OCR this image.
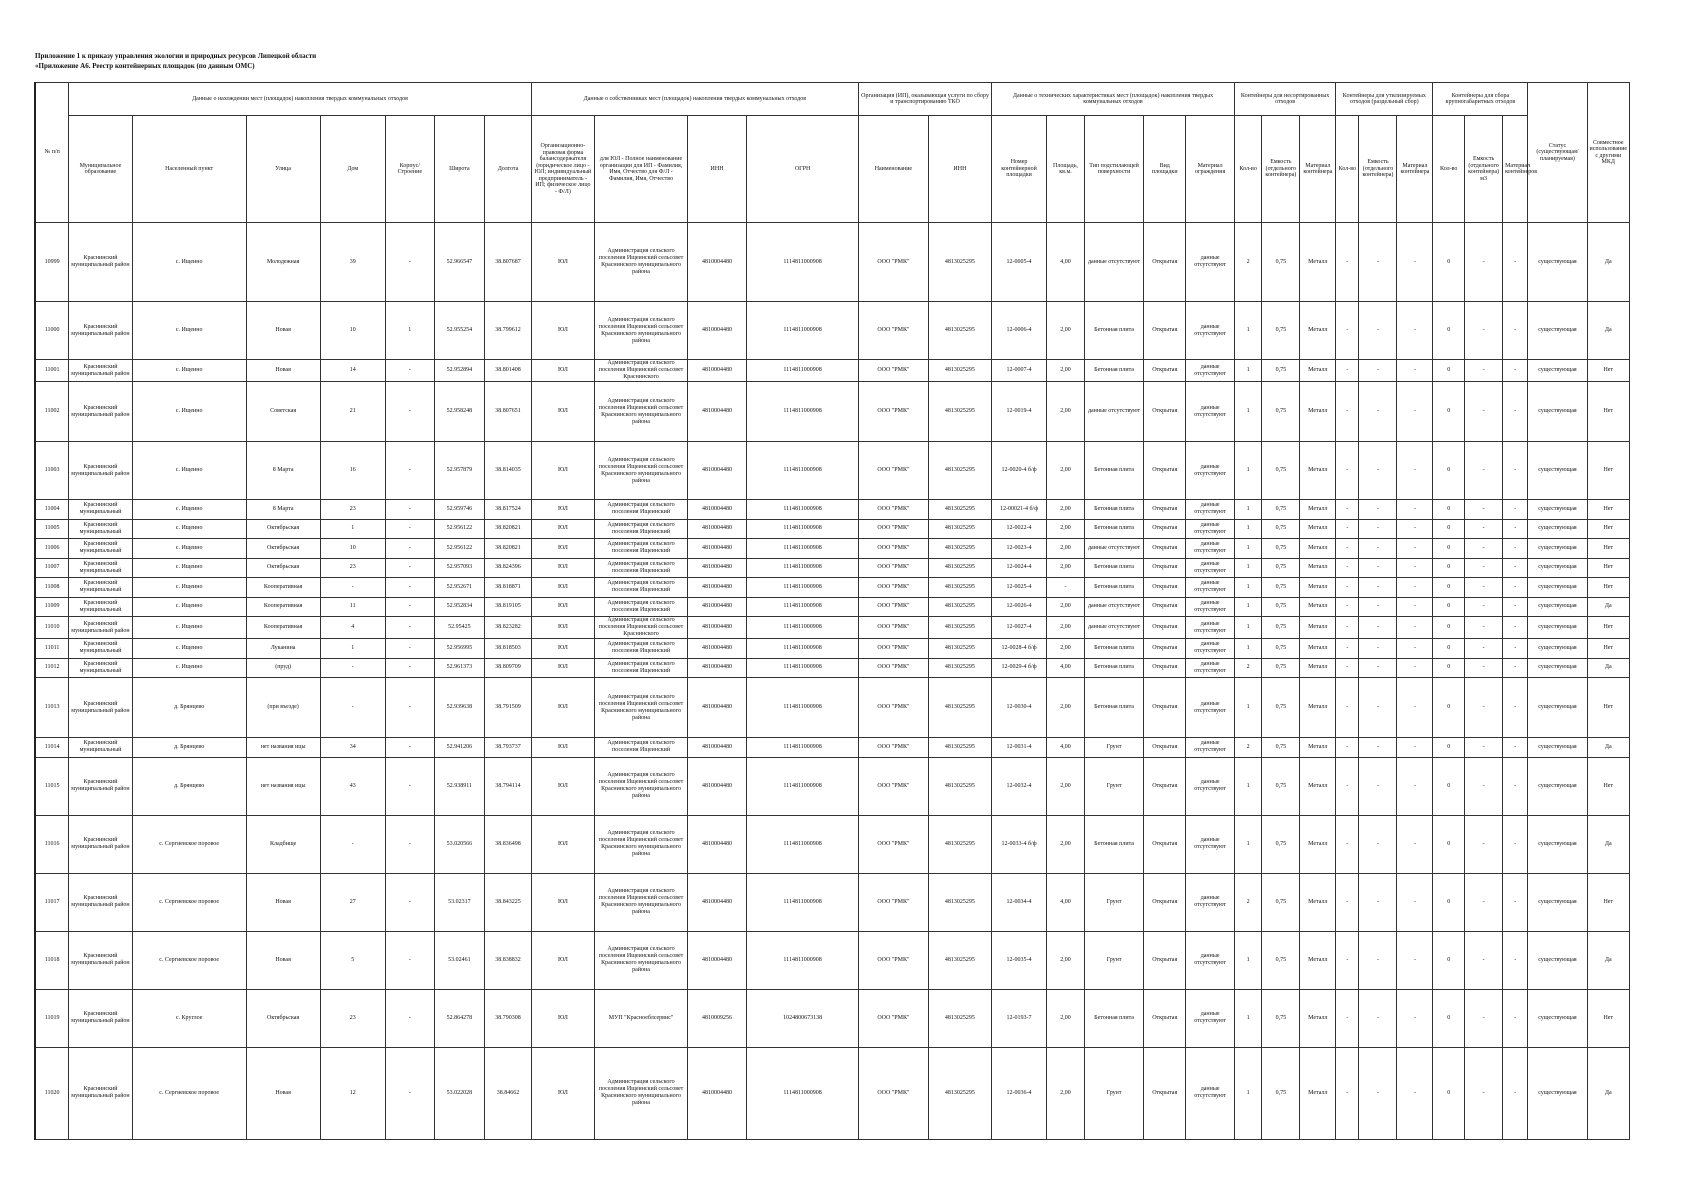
Приложение 1 к приказу управления экологии и природных ресурсов Липецкой области
«Приложение А6. Реестр контейнерных площадок (по данным ОМС)
№ п/п	Данные о нахождении мест (площадок) накопления твердых коммунальных отходов							Данные о собственниках мест (площадок) накопления твердых коммунальных отходов				Организация (ИП), оказывающая услуги по сбору и транспортированию ТКО		Данные о технических характеристиках мест (площадок) накопления твердых коммунальных отходов					Контейнеры для несортированных отходов			Контейнеры для утилизируемых отходов (раздельный сбор)			Контейнеры для сбора крупногабаритных отходов			Статус (существующая/планируемая)	Совместное использование с другими МКД
	Муниципальное образование	Населенный пункт	Улица	Дом	Корпус/Строение	Широта	Долгота	Организационно-правовая форма балансодержателя (юридическое лицо - ЮЛ; индивидуальный предприниматель - ИП; физическое лицо - Ф/Л)	для ЮЛ - Полное наименование организации для ИП - Фамилия, Имя, Отчество для Ф/Л - Фамилия, Имя, Отчество	ИНН	ОГРН	Наименование	ИНН	Номер контейнерной площадки	Площадь, кв.м.	Тип подстилающей поверхности	Вид площадки	Материал ограждения	Кол-во	Емкость (отдельного контейнера)	Материал контейнера	Кол-во	Емкость (отдельного контейнера)	Материал контейнера	Кол-во	Емкость (отдельного контейнера) м3	Материал контейнеров		
10999	Краснинский муниципальный район	с. Ищеино	Молодежная	39	-	52.966547	38.807687	ЮЛ	Администрация сельского поселения Ищеинский сельсовет Краснинского муниципального района	4810004480	1114811000908	ООО "РМК"	4813025295	12-0005-4	4,00	данные отсутствуют	Открытая	данные отсутствуют	2	0,75	Металл	-	-	-	0	-	-	существующая	Да
11000	Краснинский муниципальный район	с. Ищеино	Новая	10	1	52.955254	38.799612	ЮЛ	Администрация сельского поселения Ищеинский сельсовет Краснинского муниципального района	4810004480	1114811000908	ООО "РМК"	4813025295	12-0006-4	2,00	Бетонная плита	Открытая	данные отсутствуют	1	0,75	Металл	-	-	-	0	-	-	существующая	Да
11001	Краснинский муниципальный район	с. Ищеино	Новая	14	-	52.952894	38.801408	ЮЛ	Администрация сельского поселения Ищеинский сельсовет Краснинского	4810004480	1114811000908	ООО "РМК"	4813025295	12-0007-4	2,00	Бетонная плита	Открытая	данные отсутствуют	1	0,75	Металл	-	-	-	0	-	-	существующая	Нет
11002	Краснинский муниципальный район	с. Ищеино	Советская	21	-	52.958248	38.807651	ЮЛ	Администрация сельского поселения Ищеинский сельсовет Краснинского муниципального района	4810004480	1114811000908	ООО "РМК"	4813025295	12-0019-4	2,00	данные отсутствуют	Открытая	данные отсутствуют	1	0,75	Металл	-	-	-	0	-	-	существующая	Нет
11003	Краснинский муниципальный район	с. Ищеино	8 Марта	16	-	52.957879	38.814035	ЮЛ	Администрация сельского поселения Ищеинский сельсовет Краснинского муниципального района	4810004480	1114811000908	ООО "РМК"	4813025295	12-0020-4 б/ф	2,00	Бетонная плита	Открытая	данные отсутствуют	1	0,75	Металл	-	-	-	0	-	-	существующая	Нет
11004	Краснинский муниципальный	с. Ищеино	8 Марта	23	-	52.959746	38.817524	ЮЛ	Администрация сельского поселения Ищеинский	4810004480	1114811000908	ООО "РМК"	4813025295	12-00021-4 б/ф	2,00	Бетонная плита	Открытая	данные отсутствуют	1	0,75	Металл	-	-	-	0	-	-	существующая	Нет
11005	Краснинский муниципальный	с. Ищеино	Октябрьская	1	-	52.956122	38.820821	ЮЛ	Администрация сельского поселения Ищеинский	4810004480	1114811000908	ООО "РМК"	4813025295	12-0022-4	2,00	Бетонная плита	Открытая	данные отсутствуют	1	0,75	Металл	-	-	-	0	-	-	существующая	Нет
11006	Краснинский муниципальный	с. Ищеино	Октябрьская	10	-	52.956122	38.820821	ЮЛ	Администрация сельского поселения Ищеинский	4810004480	1114811000908	ООО "РМК"	4813025295	12-0023-4	2,00	данные отсутствуют	Открытая	данные отсутствуют	1	0,75	Металл	-	-	-	0	-	-	существующая	Нет
11007	Краснинский муниципальный	с. Ищеино	Октябрьская	23	-	52.957093	38.824396	ЮЛ	Администрация сельского поселения Ищеинский	4810004480	1114811000908	ООО "РМК"	4813025295	12-0024-4	2,00	Бетонная плита	Открытая	данные отсутствуют	1	0,75	Металл	-	-	-	0	-	-	существующая	Нет
11008	Краснинский муниципальный	с. Ищеино	Кооперативная	-	-	52.952671	38.818871	ЮЛ	Администрация сельского поселения Ищеинский	4810004480	1114811000908	ООО "РМК"	4813025295	12-0025-4	-	Бетонная плита	Открытая	данные отсутствуют	1	0,75	Металл	-	-	-	0	-	-	существующая	Нет
11009	Краснинский муниципальный	с. Ищеино	Кооперативная	11	-	52.952834	38.819105	ЮЛ	Администрация сельского поселения Ищеинский	4810004480	1114811000908	ООО "РМК"	4813025295	12-0026-4	2,00	данные отсутствуют	Открытая	данные отсутствуют	1	0,75	Металл	-	-	-	0	-	-	существующая	Да
11010	Краснинский муниципальный район	с. Ищеино	Кооперативная	4	-	52.95425	38.823282	ЮЛ	Администрация сельского поселения Ищеинский сельсовет Краснинского	4810004480	1114811000908	ООО "РМК"	4813025295	12-0027-4	2,00	данные отсутствуют	Открытая	данные отсутствуют	1	0,75	Металл	-	-	-	0	-	-	существующая	Нет
11011	Краснинский муниципальный	с. Ищеино	Луканина	1	-	52.956995	38.818503	ЮЛ	Администрация сельского поселения Ищеинский	4810004480	1114811000908	ООО "РМК"	4813025295	12-0028-4 б/ф	2,00	Бетонная плита	Открытая	данные отсутствуют	1	0,75	Металл	-	-	-	0	-	-	существующая	Нет
11012	Краснинский муниципальный	с. Ищеино	(пруд)	-	-	52.961373	38.809709	ЮЛ	Администрация сельского поселения Ищеинский	4810004480	1114811000908	ООО "РМК"	4813025295	12-0029-4 б/ф	4,00	Бетонная плита	Открытая	данные отсутствуют	2	0,75	Металл	-	-	-	0	-	-	существующая	Да
11013	Краснинский муниципальный район	д. Брянцево	(при въезде)	-	-	52.939638	38.791509	ЮЛ	Администрация сельского поселения Ищеинский сельсовет Краснинского муниципального района	4810004480	1114811000908	ООО "РМК"	4813025295	12-0030-4	2,00	Бетонная плита	Открытая	данные отсутствуют	1	0,75	Металл	-	-	-	0	-	-	существующая	Нет
11014	Краснинский муниципальный	д. Брянцево	нет названия ицы	34	-	52.941206	38.793737	ЮЛ	Администрация сельского поселения Ищеинский	4810004480	1114811000908	ООО "РМК"	4813025295	12-0031-4	4,00	Грунт	Открытая	данные отсутствуют	2	0,75	Металл	-	-	-	0	-	-	существующая	Да
11015	Краснинский муниципальный район	д. Брянцево	нет названия ицы	43	-	52.938911	38.794114	ЮЛ	Администрация сельского поселения Ищеинский сельсовет Краснинского муниципального района	4810004480	1114811000908	ООО "РМК"	4813025295	12-0032-4	2,00	Грунт	Открытая	данные отсутствуют	1	0,75	Металл	-	-	-	0	-	-	существующая	Нет
11016	Краснинский муниципальный район	с. Сергиевское поровое	Кладбище	-	-	53.020566	38.836498	ЮЛ	Администрация сельского поселения Ищеинский сельсовет Краснинского муниципального района	4810004480	1114811000908	ООО "РМК"	4813025295	12-0033-4 б/ф	2,00	Бетонная плита	Открытая	данные отсутствуют	1	0,75	Металл	-	-	-	0	-	-	существующая	Да
11017	Краснинский муниципальный район	с. Сергиевское поровое	Новая	27	-	53.02317	38.843225	ЮЛ	Администрация сельского поселения Ищеинский сельсовет Краснинского муниципального района	4810004480	1114811000908	ООО "РМК"	4813025295	12-0034-4	4,00	Грунт	Открытая	данные отсутствуют	2	0,75	Металл	-	-	-	0	-	-	существующая	Нет
11018	Краснинский муниципальный район	с. Сергиевское поровое	Новая	5	-	53.02461	38.838832	ЮЛ	Администрация сельского поселения Ищеинский сельсовет Краснинского муниципального района	4810004480	1114811000908	ООО "РМК"	4813025295	12-0035-4	2,00	Грунт	Открытая	данные отсутствуют	1	0,75	Металл	-	-	-	0	-	-	существующая	Да
11019	Краснинский муниципальный район	с. Круглое	Октябрьская	23	-	52.864278	38.790308	ЮЛ	МУП "Красноеблсервис"	4810009256	1024800673138	ООО "РМК"	4813025295	12-0193-7	2,00	Бетонная плита	Открытая	данные отсутствуют	1	0,75	Металл	-	-	-	0	-	-	существующая	Нет
11020	Краснинский муниципальный район	с. Сергиевское поровое	Новая	12	-	53.022028	38.84662	ЮЛ	Администрация сельского поселения Ищеинский сельсовет Краснинского муниципального района	4810004480	1114811000908	ООО "РМК"	4813025295	12-0036-4	2,00	Грунт	Открытая	данные отсутствуют	1	0,75	Металл	-	-	-	0	-	-	существующая	Да
